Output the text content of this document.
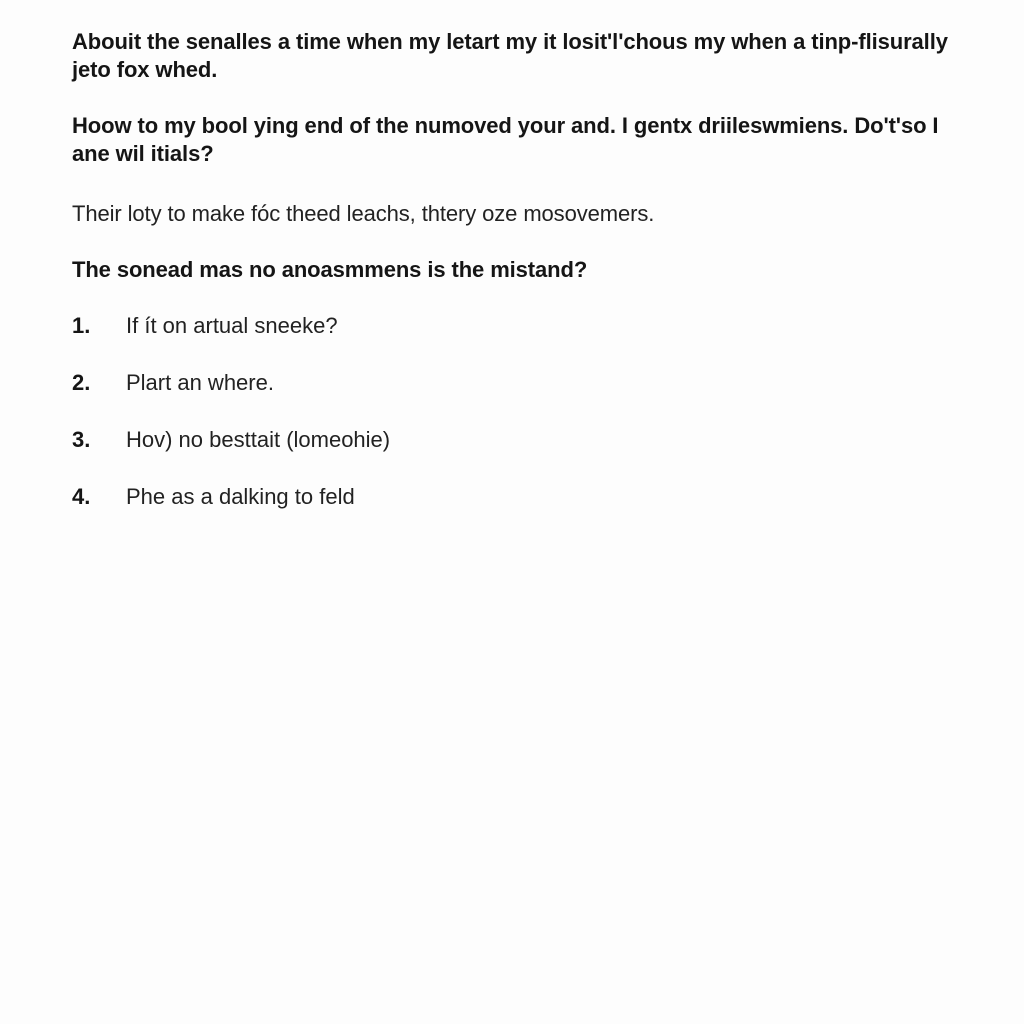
Abouit the senalles a time when my letart my it losit'l'chous my when a tinp-flisurally jeto fox whed.

Hoow to my bool ying end of the numoved your and. I gentx driileswmiens. Do't'so I ane wil itials?

Their loty to make fóc theed leachs, thtery oze mosovemers.

The sonead mas no anoasmmens is the mistand?

1.	If ít on artual sneeke?
2.	Plart an where.
3.	Hov) no besttait (lomeohie)
4.	Phe as a dalking to feld
